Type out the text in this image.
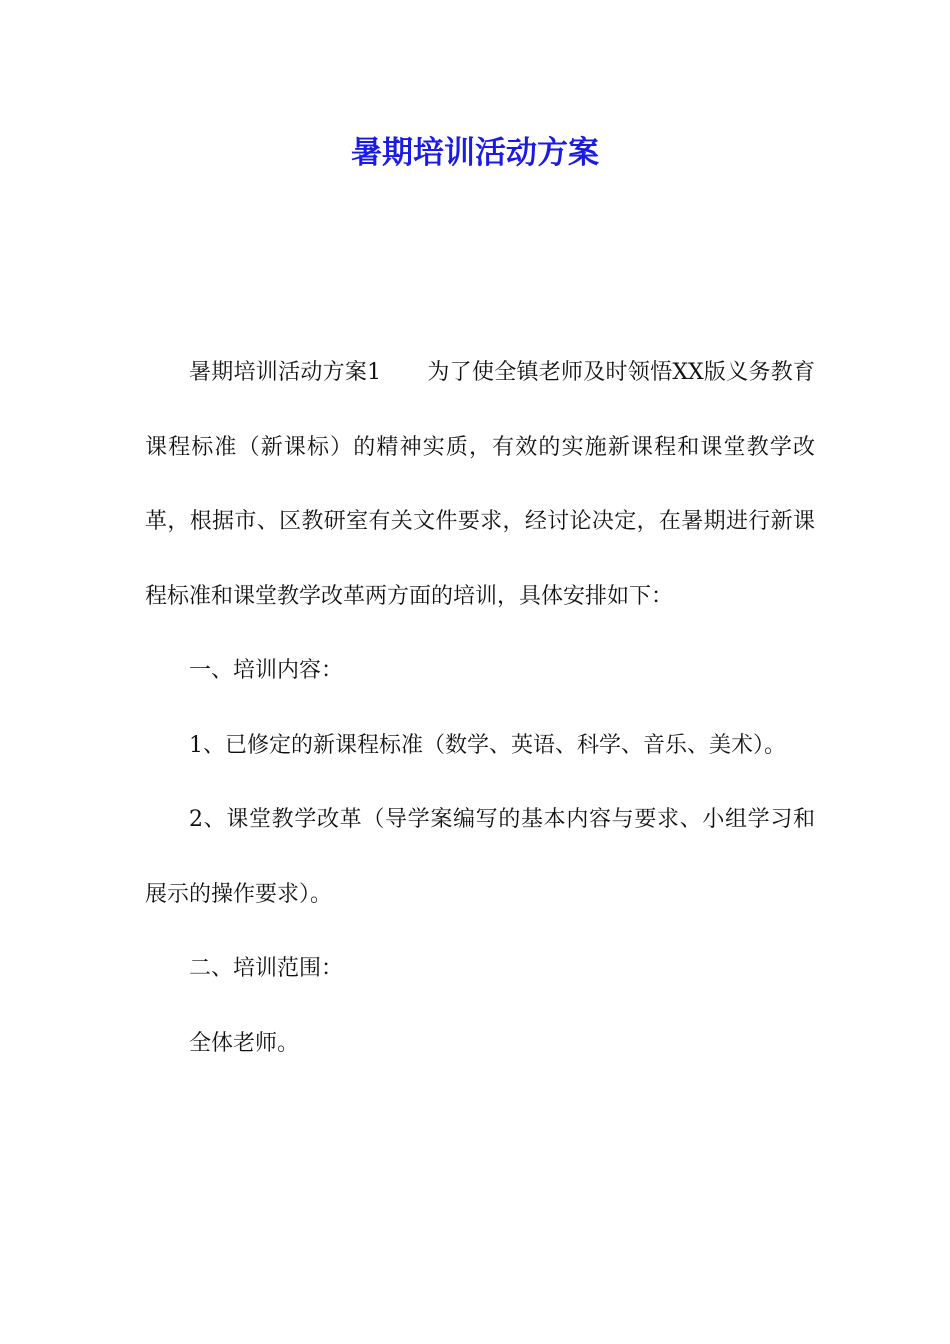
暑期培训活动方案

暑期培训活动方案1 为了使全镇老师及时领悟XX版义务教育课程标准（新课标）的精神实质，有效的实施新课程和课堂教学改革，根据市、区教研室有关文件要求，经讨论决定，在暑期进行新课程标准和课堂教学改革两方面的培训，具体安排如下：

一、培训内容：

1、已修定的新课程标准（数学、英语、科学、音乐、美术）。

2、课堂教学改革（导学案编写的基本内容与要求、小组学习和展示的操作要求）。

二、培训范围：

全体老师。
